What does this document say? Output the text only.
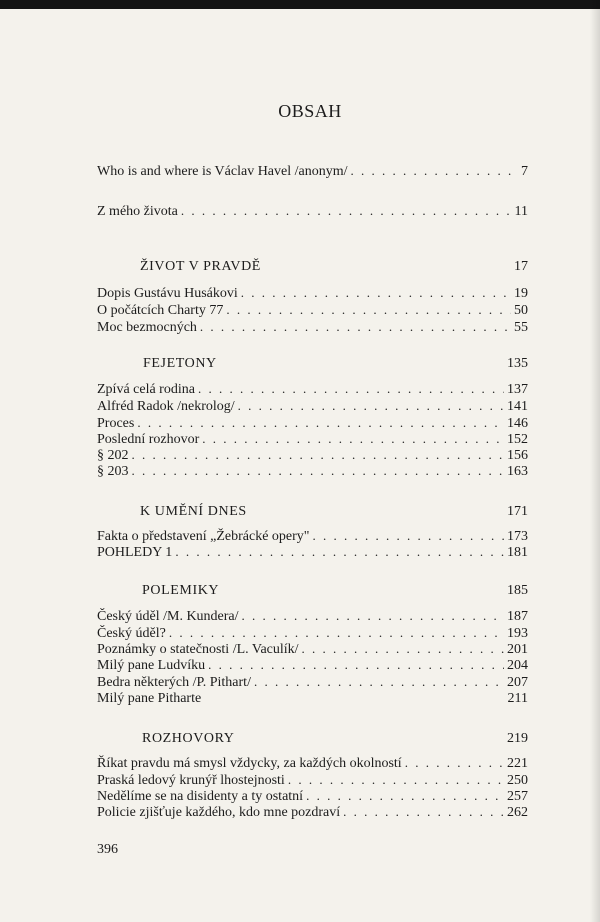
OBSAH
Who is and where is Václav Havel /anonym/ . . .	7
Z mého života . . .	11
ŽIVOT V PRAVDĚ	17
Dopis Gustávu Husákovi . . .	19
O počátcích Charty 77 . . .	50
Moc bezmocných . . .	55
FEJETONY	135
Zpívá celá rodina . . .	137
Alfréd Radok /nekrolog/ . . .	141
Proces . . .	146
Poslední rozhovor . . .	152
§ 202 . . .	156
§ 203 . . .	163
K UMĚNÍ DNES	171
Fakta o představení „Žebrácké opery" . . .	173
POHLEDY 1 . . .	181
POLEMIKY	185
Český úděl /M. Kundera/ . . .	187
Český úděl? . . .	193
Poznámky o statečnosti /L. Vaculík/ . . .	201
Milý pane Ludvíku . . .	204
Bedra některých /P. Pithart/ . . .	207
Milý pane Pitharte	211
ROZHOVORY	219
Říkat pravdu má smysl vždycky, za každých okolností . . .	221
Praská ledový krunýř lhostejnosti . . .	250
Nedělíme se na disidenty a ty ostatní . . .	257
Policie zjišťuje každého, kdo mne pozdraví . . .	262
396
